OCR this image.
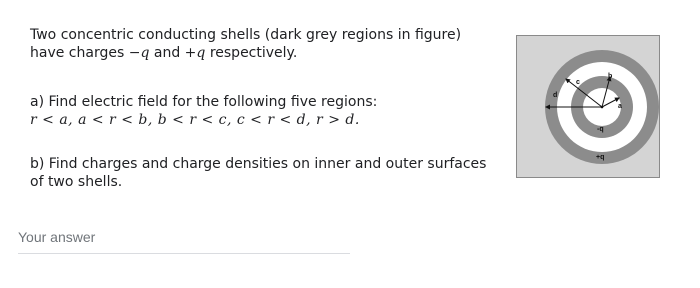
Two concentric conducting shells (dark grey regions in figure)
have charges −q and +q respectively.
a) Find electric field for the following five regions:
r < a, a < r < b, b < r < c, c < r < d, r > d.
b) Find charges and charge densities on inner and outer surfaces
of two shells.
a
b
c
d
-q
+q
Your answer
